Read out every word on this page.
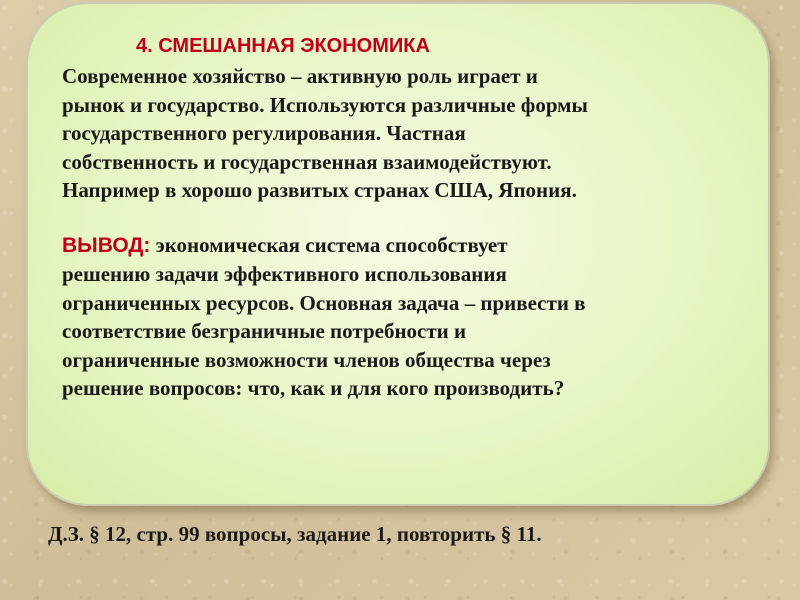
4. СМЕШАННАЯ ЭКОНОМИКА
Современное хозяйство – активную роль играет и
рынок и государство. Используются различные формы
государственного регулирования. Частная
собственность и государственная взаимодействуют.
Например в хорошо развитых странах США, Япония.
ВЫВОД: экономическая система способствует
решению задачи эффективного использования
ограниченных ресурсов. Основная задача – привести в
соответствие безграничные потребности и
ограниченные возможности членов общества через
решение вопросов: что, как и для кого производить?
Д.З. § 12, стр. 99 вопросы, задание 1, повторить § 11.
